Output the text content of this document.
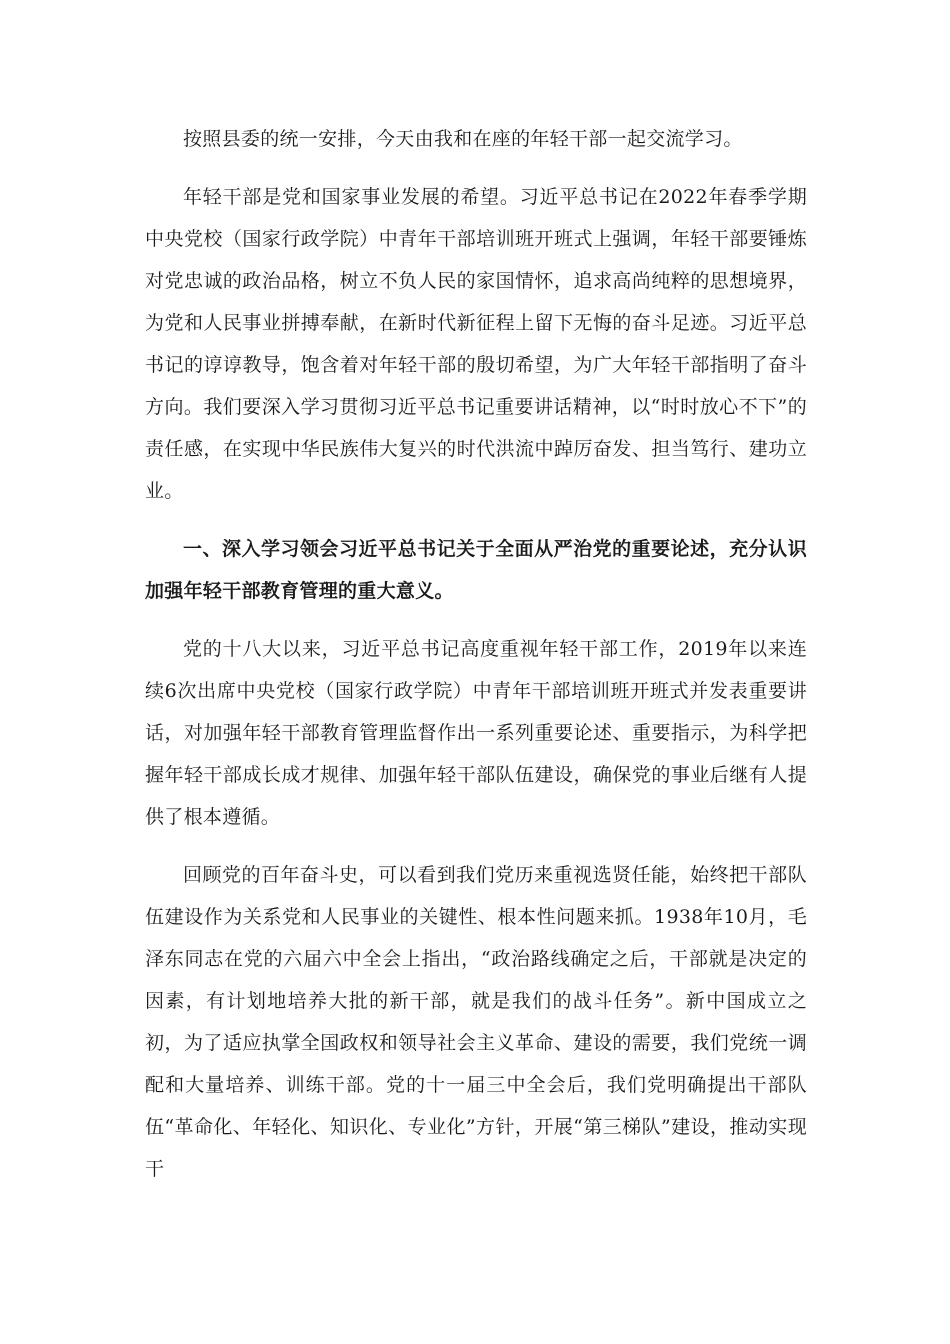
按照县委的统一安排，今天由我和在座的年轻干部一起交流学习。

年轻干部是党和国家事业发展的希望。习近平总书记在2022年春季学期中央党校（国家行政学院）中青年干部培训班开班式上强调，年轻干部要锤炼对党忠诚的政治品格，树立不负人民的家国情怀，追求高尚纯粹的思想境界，为党和人民事业拼搏奉献，在新时代新征程上留下无悔的奋斗足迹。习近平总书记的谆谆教导，饱含着对年轻干部的殷切希望，为广大年轻干部指明了奋斗方向。我们要深入学习贯彻习近平总书记重要讲话精神，以“时时放心不下”的责任感，在实现中华民族伟大复兴的时代洪流中踔厉奋发、担当笃行、建功立业。

一、深入学习领会习近平总书记关于全面从严治党的重要论述，充分认识加强年轻干部教育管理的重大意义。

党的十八大以来，习近平总书记高度重视年轻干部工作，2019年以来连续6次出席中央党校（国家行政学院）中青年干部培训班开班式并发表重要讲话，对加强年轻干部教育管理监督作出一系列重要论述、重要指示，为科学把握年轻干部成长成才规律、加强年轻干部队伍建设，确保党的事业后继有人提供了根本遵循。

回顾党的百年奋斗史，可以看到我们党历来重视选贤任能，始终把干部队伍建设作为关系党和人民事业的关键性、根本性问题来抓。1938年10月，毛泽东同志在党的六届六中全会上指出，“政治路线确定之后，干部就是决定的因素，有计划地培养大批的新干部，就是我们的战斗任务”。新中国成立之初，为了适应执掌全国政权和领导社会主义革命、建设的需要，我们党统一调配和大量培养、训练干部。党的十一届三中全会后，我们党明确提出干部队伍“革命化、年轻化、知识化、专业化”方针，开展“第三梯队”建设，推动实现干
